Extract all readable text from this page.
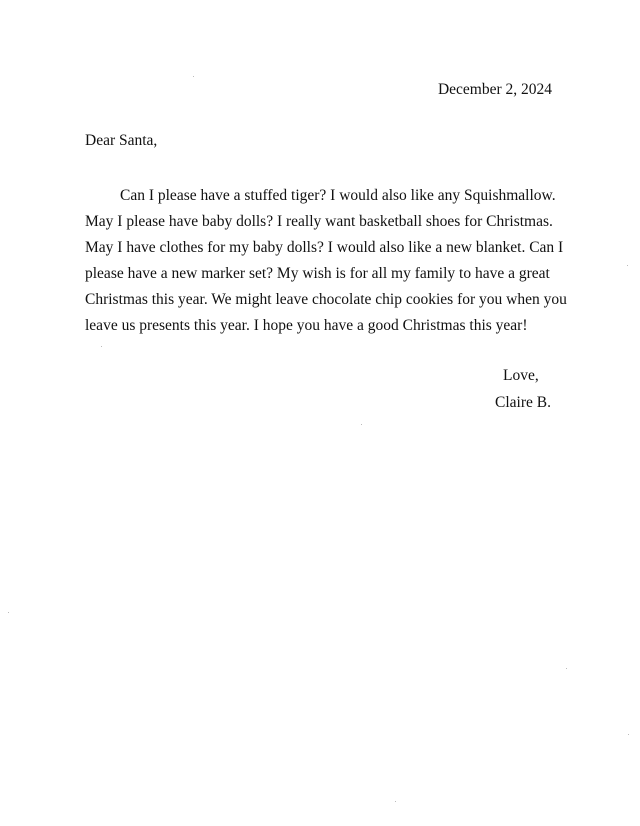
December 2, 2024
Dear Santa,
Can I please have a stuffed tiger? I would also like any Squishmallow.
May I please have baby dolls? I really want basketball shoes for Christmas.
May I have clothes for my baby dolls? I would also like a new blanket. Can I
please have a new marker set? My wish is for all my family to have a great
Christmas this year. We might leave chocolate chip cookies for you when you
leave us presents this year. I hope you have a good Christmas this year!
Love,
Claire B.
